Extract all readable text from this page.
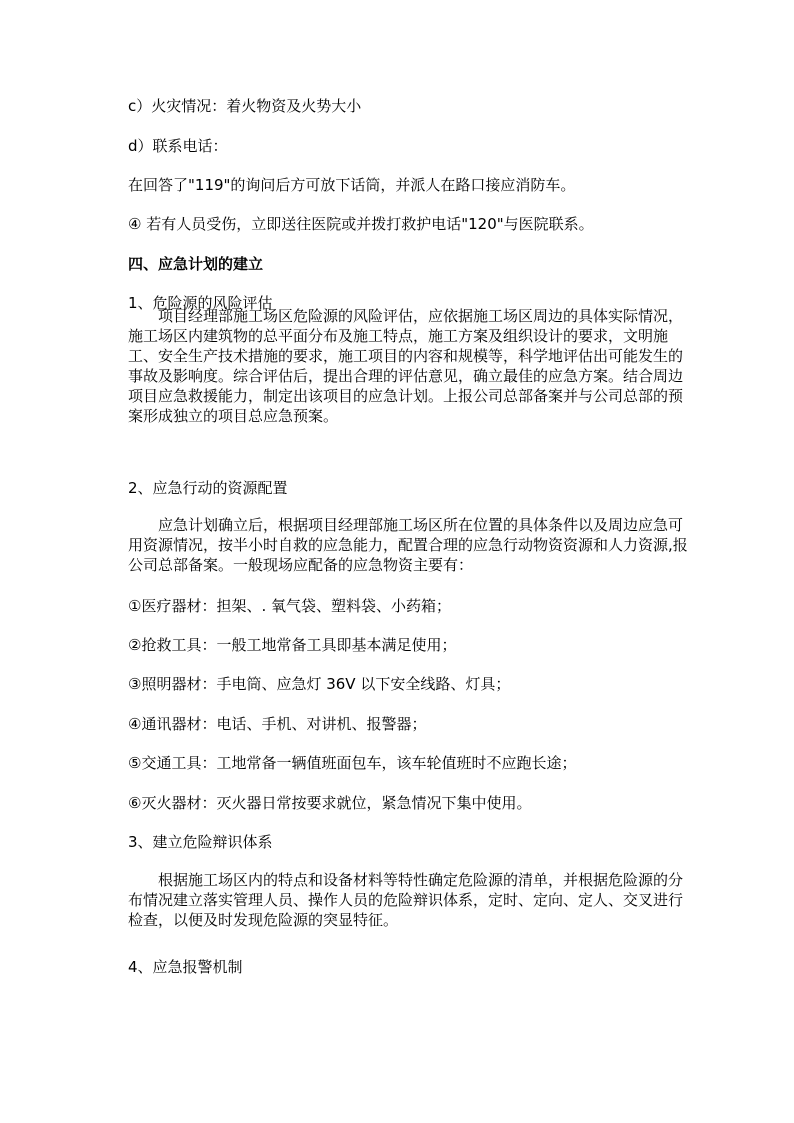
c）火灾情况：着火物资及火势大小
d）联系电话：
在回答了"119"的询问后方可放下话筒，并派人在路口接应消防车。
④ 若有人员受伤，立即送往医院或并拨打救护电话"120"与医院联系。
四、应急计划的建立
1、危险源的风险评估
　　项目经理部施工场区危险源的风险评估，应依据施工场区周边的具体实际情况，
施工场区内建筑物的总平面分布及施工特点，施工方案及组织设计的要求，文明施
工、安全生产技术措施的要求，施工项目的内容和规模等，科学地评估出可能发生的
事故及影响度。综合评估后，提出合理的评估意见，确立最佳的应急方案。结合周边
项目应急救援能力，制定出该项目的应急计划。上报公司总部备案并与公司总部的预
案形成独立的项目总应急预案。
2、应急行动的资源配置
　　应急计划确立后，根据项目经理部施工场区所在位置的具体条件以及周边应急可
用资源情况，按半小时自救的应急能力，配置合理的应急行动物资资源和人力资源,报
公司总部备案。一般现场应配备的应急物资主要有：
①医疗器材：担架、. 氧气袋、塑料袋、小药箱；
②抢救工具：一般工地常备工具即基本满足使用；
③照明器材：手电筒、应急灯 36V 以下安全线路、灯具；
④通讯器材：电话、手机、对讲机、报警器；
⑤交通工具：工地常备一辆值班面包车，该车轮值班时不应跑长途；
⑥灭火器材：灭火器日常按要求就位，紧急情况下集中使用。
3、建立危险辩识体系
　　根据施工场区内的特点和设备材料等特性确定危险源的清单，并根据危险源的分
布情况建立落实管理人员、操作人员的危险辩识体系，定时、定向、定人、交叉进行
检查，以便及时发现危险源的突显特征。
4、应急报警机制
